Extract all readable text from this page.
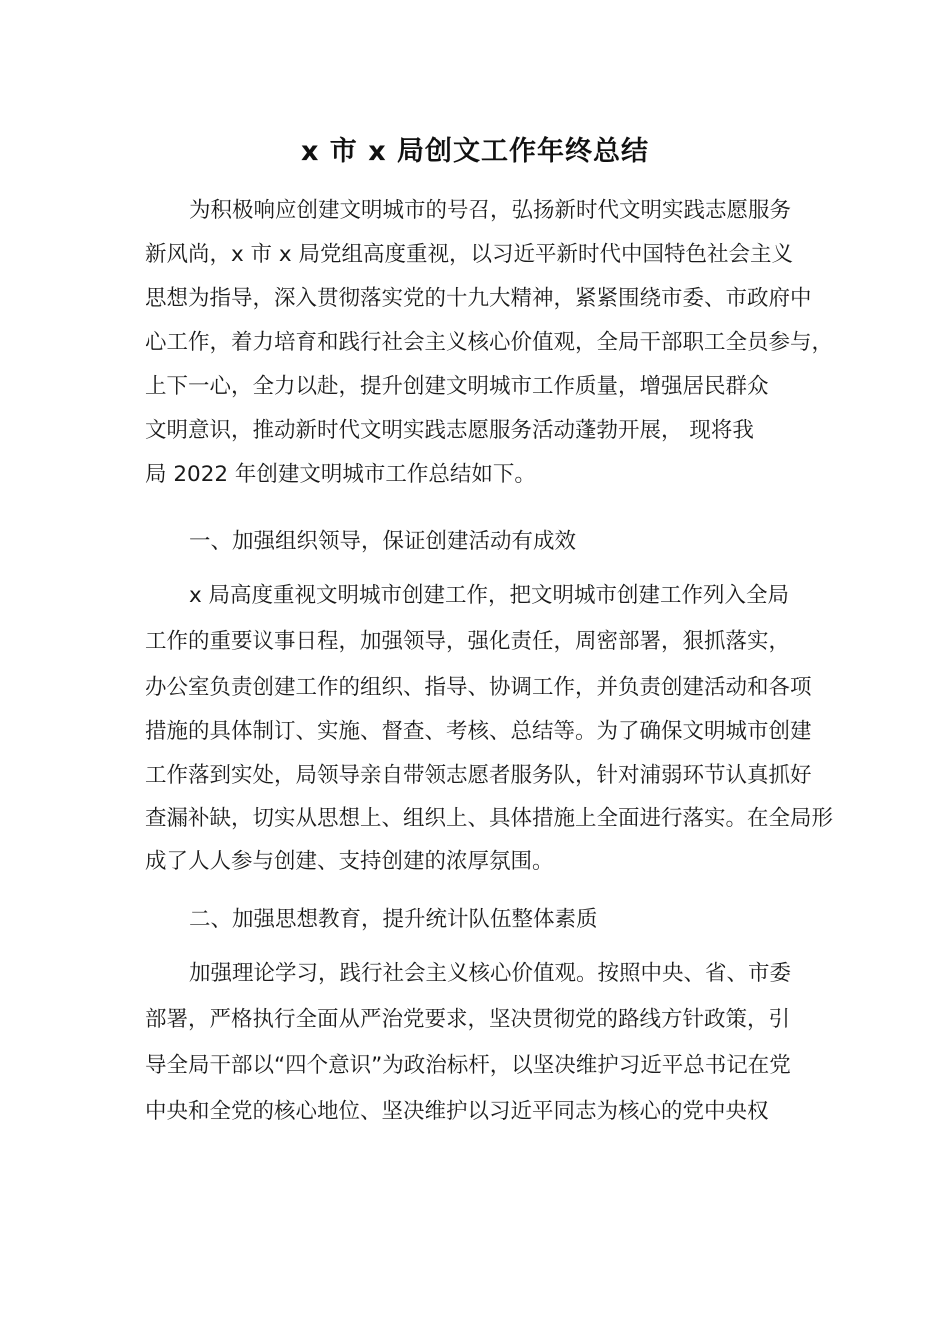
x 市 x 局创文工作年终总结
为积极响应创建文明城市的号召，弘扬新时代文明实践志愿服务
新风尚，x 市 x 局党组高度重视，以习近平新时代中国特色社会主义
思想为指导，深入贯彻落实党的十九大精神，紧紧围绕市委、市政府中
心工作，着力培育和践行社会主义核心价值观，全局干部职工全员参与，
上下一心，全力以赴，提升创建文明城市工作质量，增强居民群众
文明意识，推动新时代文明实践志愿服务活动蓬勃开展， 现将我
局 2022 年创建文明城市工作总结如下。
一、加强组织领导，保证创建活动有成效
x 局高度重视文明城市创建工作，把文明城市创建工作列入全局
工作的重要议事日程，加强领导，强化责任，周密部署，狠抓落实，
办公室负责创建工作的组织、指导、协调工作，并负责创建活动和各项
措施的具体制订、实施、督查、考核、总结等。为了确保文明城市创建
工作落到实处，局领导亲自带领志愿者服务队，针对浦弱环节认真抓好
查漏补缺，切实从思想上、组织上、具体措施上全面进行落实。在全局形
成了人人参与创建、支持创建的浓厚氛围。
二、加强思想教育，提升统计队伍整体素质
加强理论学习，践行社会主义核心价值观。按照中央、省、市委
部署，严格执行全面从严治党要求，坚决贯彻党的路线方针政策，引
导全局干部以“四个意识”为政治标杆，以坚决维护习近平总书记在党
中央和全党的核心地位、坚决维护以习近平同志为核心的党中央权
